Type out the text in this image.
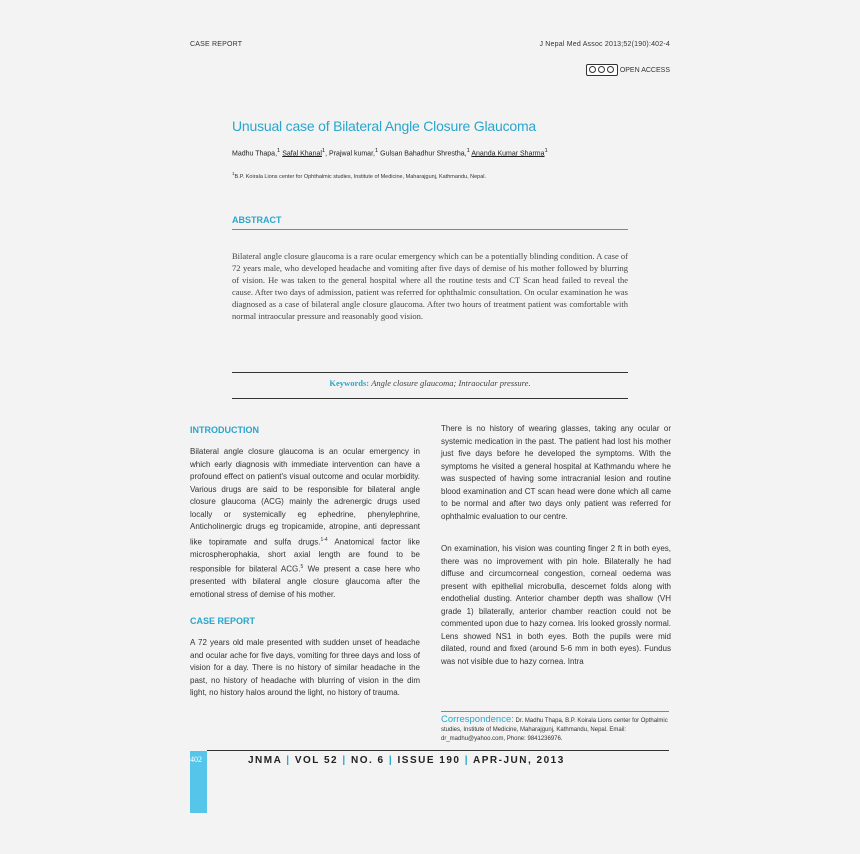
CASE REPORT	J Nepal Med Assoc 2013;52(190):402-4
OPEN ACCESS
Unusual case of Bilateral Angle Closure Glaucoma
Madhu Thapa,$^1$ Safal Khanal$^1$, Prajwal kumar,$^1$ Gulsan Bahadhur Shrestha,$^1$ Ananda Kumar Sharma$^1$
$^1$B.P. Koirala Lions center for Ophthalmic studies, Institute of Medicine, Maharajgunj, Kathmandu, Nepal.
ABSTRACT
Bilateral angle closure glaucoma is a rare ocular emergency which can be a potentially blinding condition. A case of 72 years male, who developed headache and vomiting after five days of demise of his mother followed by blurring of vision. He was taken to the general hospital where all the routine tests and CT Scan head failed to reveal the cause. After two days of admission, patient was referred for ophthalmic consultation. On ocular examination he was diagnosed as a case of bilateral angle closure glaucoma. After two hours of treatment patient was comfortable with normal intraocular pressure and reasonably good vision.
Keywords: Angle closure glaucoma; Intraocular pressure.
INTRODUCTION
Bilateral angle closure glaucoma is an ocular emergency in which early diagnosis with immediate intervention can have a profound effect on patient's visual outcome and ocular morbidity. Various drugs are said to be responsible for bilateral angle closure glaucoma (ACG) mainly the adrenergic drugs used locally or systemically eg ephedrine, phenylephrine, Anticholinergic drugs eg tropicamide, atropine, anti depressant like topiramate and sulfa drugs.$^{1-4}$ Anatomical factor like microspherophakia, short axial length are found to be responsible for bilateral ACG.$^5$ We present a case here who presented with bilateral angle closure glaucoma after the emotional stress of demise of his mother.
CASE REPORT
A 72 years old male presented with sudden unset of headache and ocular ache for five days, vomiting for three days and loss of vision for a day. There is no history of similar headache in the past, no history of headache with blurring of vision in the dim light, no history halos around the light, no history of trauma.
There is no history of wearing glasses, taking any ocular or systemic medication in the past. The patient had lost his mother just five days before he developed the symptoms. With the symptoms he visited a general hospital at Kathmandu where he was suspected of having some intracranial lesion and routine blood examination and CT scan head were done which all came to be normal and after two days only patient was referred for ophthalmic evaluation to our centre.
On examination, his vision was counting finger 2 ft in both eyes, there was no improvement with pin hole. Bilaterally he had diffuse and circumcorneal congestion, corneal oedema was present with epithelial microbulla, descemet folds along with endothelial dusting. Anterior chamber depth was shallow (VH grade 1) bilaterally, anterior chamber reaction could not be commented upon due to hazy cornea. Iris looked grossly normal. Lens showed NS1 in both eyes. Both the pupils were mid dilated, round and fixed (around 5-6 mm in both eyes). Fundus was not visible due to hazy cornea. Intra
Correspondence: Dr. Madhu Thapa, B.P. Koirala Lions center for Opthalmic studies, Institute of Medicine, Maharajgunj, Kathmandu, Nepal. Email: dr_madhu@yahoo.com, Phone: 9841236976.
402	JNMA | VOL 52 | NO. 6 | ISSUE 190 | APR-JUN, 2013
